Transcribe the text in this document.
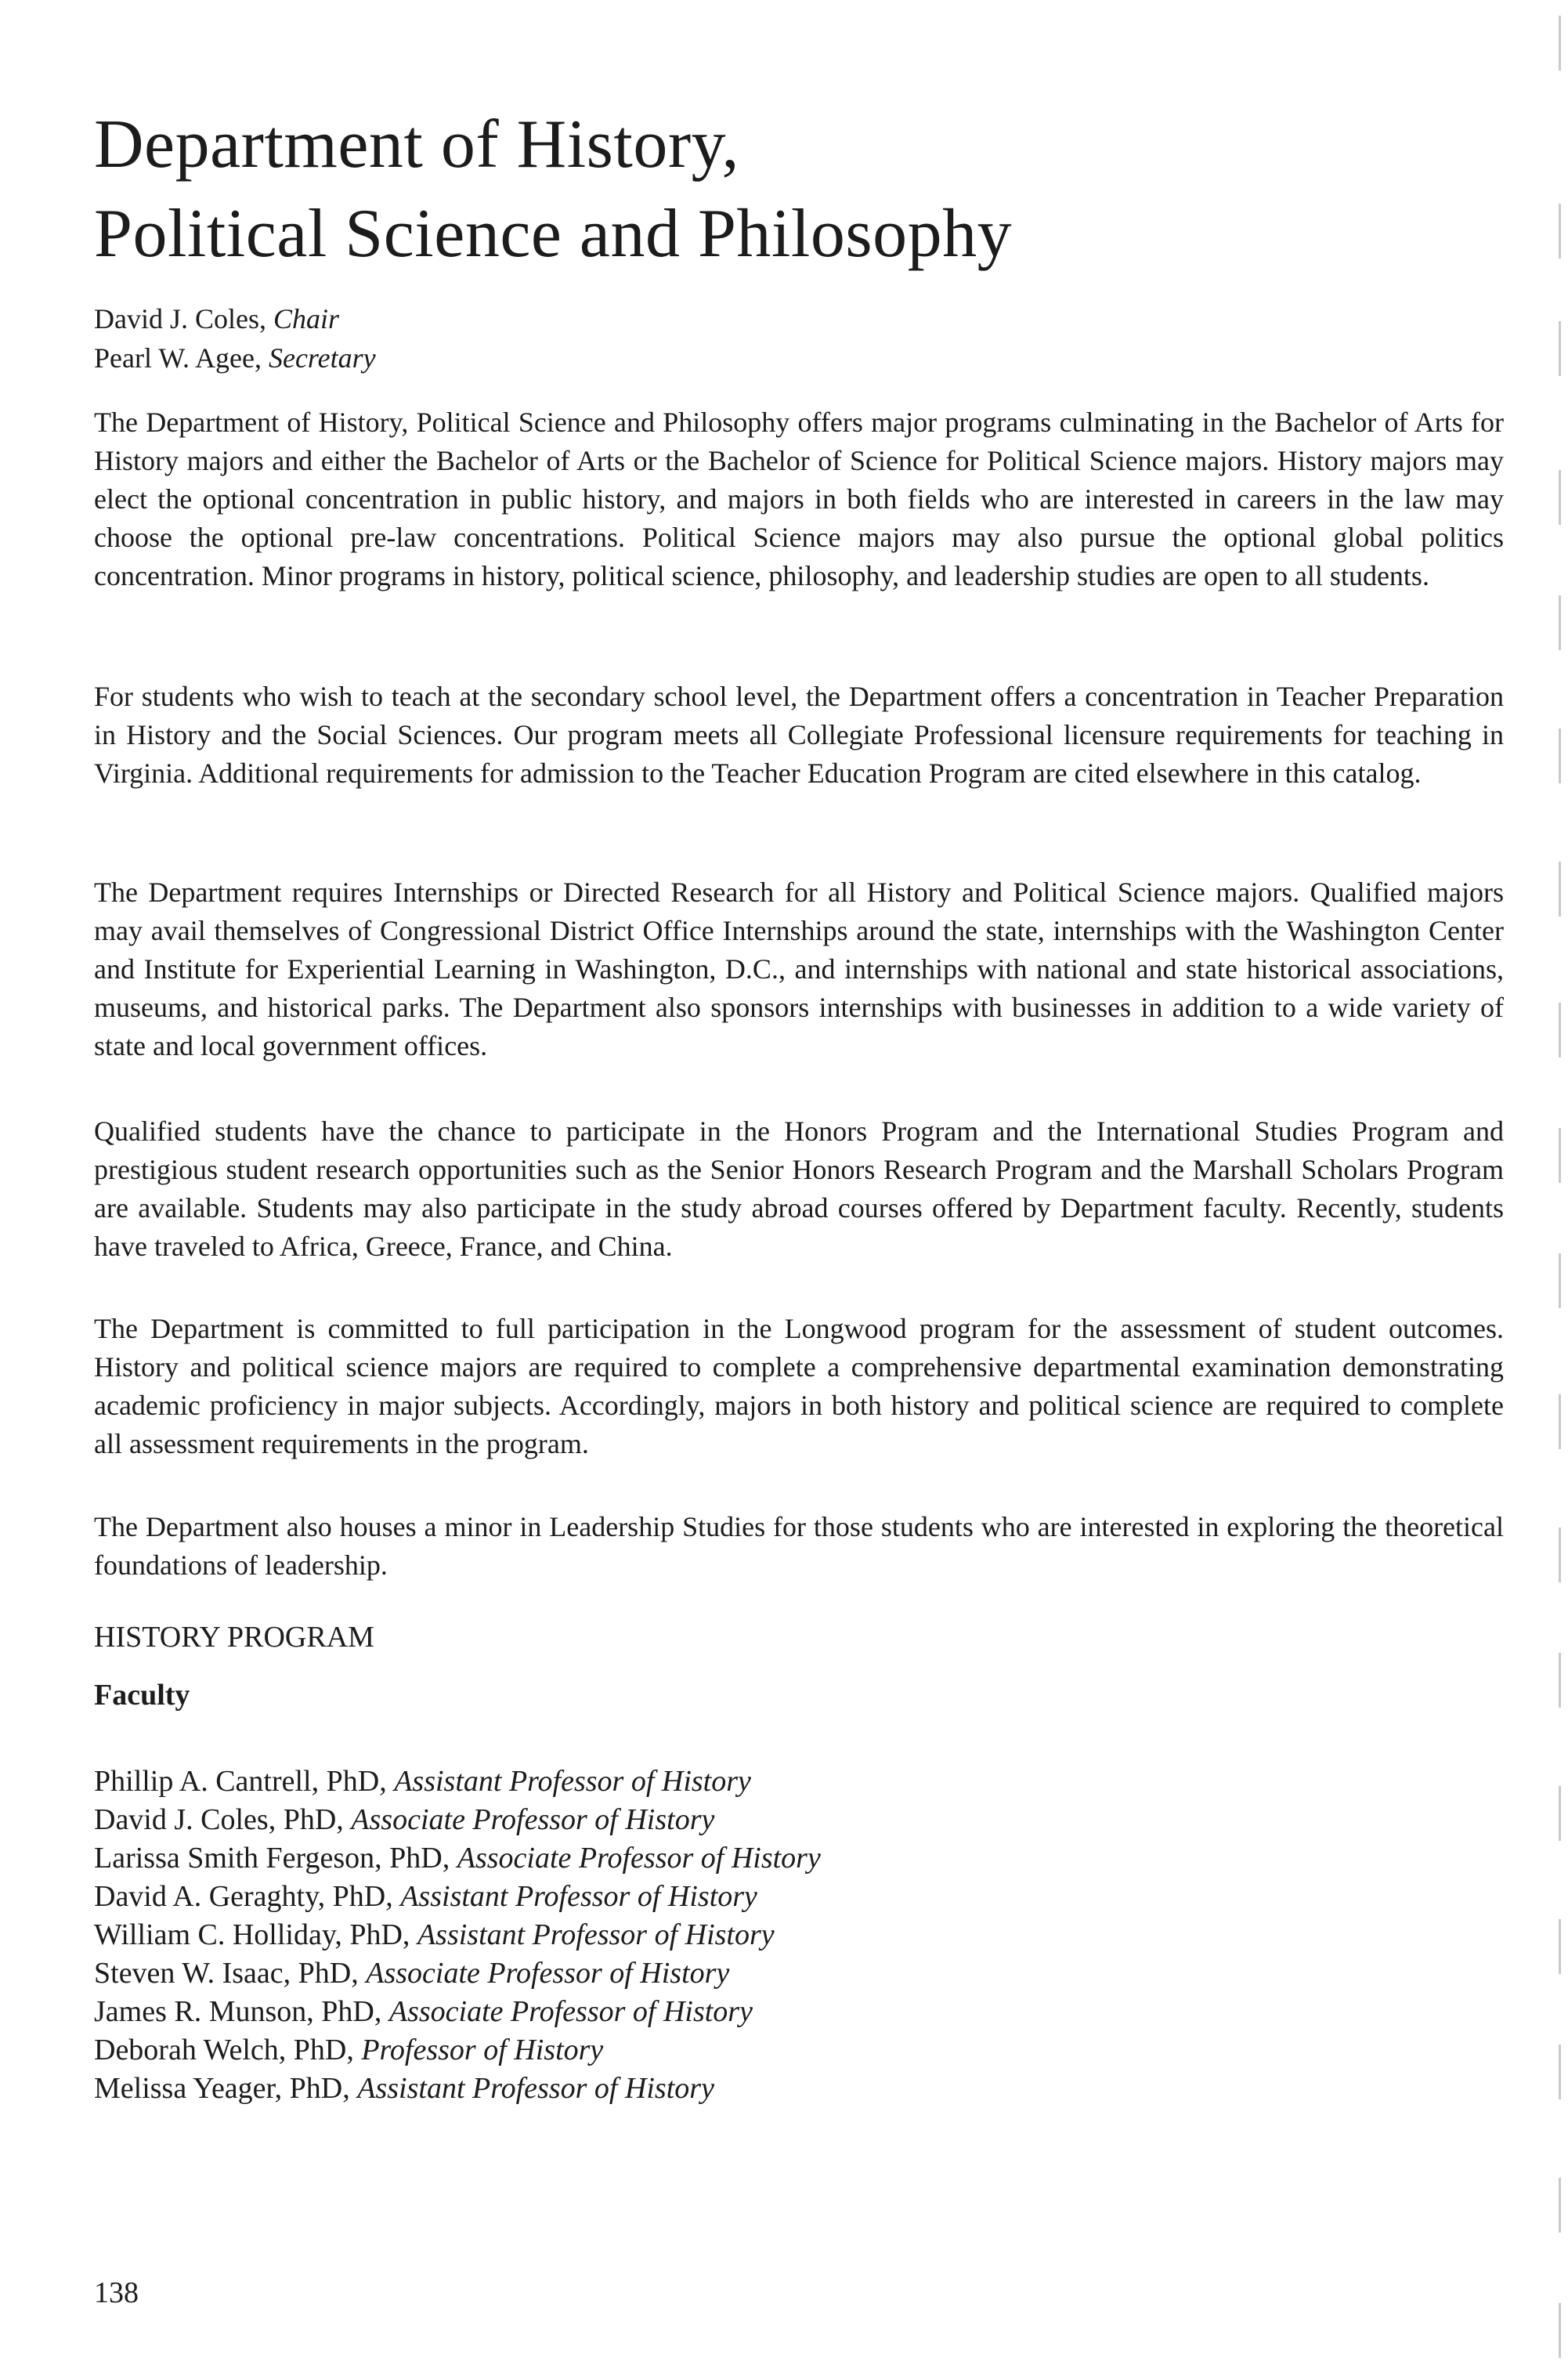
Department of History,
Political Science and Philosophy
David J. Coles, Chair
Pearl W. Agee, Secretary

The Department of History, Political Science and Philosophy offers major programs culminating in the Bachelor of Arts for History majors and either the Bachelor of Arts or the Bachelor of Science for Political Science majors. History majors may elect the optional concentration in public history, and majors in both fields who are interested in careers in the law may choose the optional pre-law concentrations. Political Science majors may also pursue the optional global politics concentration. Minor programs in history, political science, philosophy, and leadership studies are open to all students.

For students who wish to teach at the secondary school level, the Department offers a concentration in Teacher Preparation in History and the Social Sciences. Our program meets all Collegiate Professional licensure requirements for teaching in Virginia. Additional requirements for admission to the Teacher Education Program are cited elsewhere in this catalog.

The Department requires Internships or Directed Research for all History and Political Science majors. Qualified majors may avail themselves of Congressional District Office Internships around the state, internships with the Washington Center and Institute for Experiential Learning in Washington, D.C., and internships with national and state historical associations, museums, and historical parks. The Department also sponsors internships with businesses in addition to a wide variety of state and local government offices.

Qualified students have the chance to participate in the Honors Program and the International Studies Program and prestigious student research opportunities such as the Senior Honors Research Program and the Marshall Scholars Program are available. Students may also participate in the study abroad courses offered by Department faculty. Recently, students have traveled to Africa, Greece, France, and China.

The Department is committed to full participation in the Longwood program for the assessment of student outcomes. History and political science majors are required to complete a comprehensive departmental examination demonstrating academic proficiency in major subjects. Accordingly, majors in both history and political science are required to complete all assessment requirements in the program.

The Department also houses a minor in Leadership Studies for those students who are interested in exploring the theoretical foundations of leadership.

HISTORY PROGRAM
Faculty
Phillip A. Cantrell, PhD, Assistant Professor of History
David J. Coles, PhD, Associate Professor of History
Larissa Smith Fergeson, PhD, Associate Professor of History
David A. Geraghty, PhD, Assistant Professor of History
William C. Holliday, PhD, Assistant Professor of History
Steven W. Isaac, PhD, Associate Professor of History
James R. Munson, PhD, Associate Professor of History
Deborah Welch, PhD, Professor of History
Melissa Yeager, PhD, Assistant Professor of History
138
